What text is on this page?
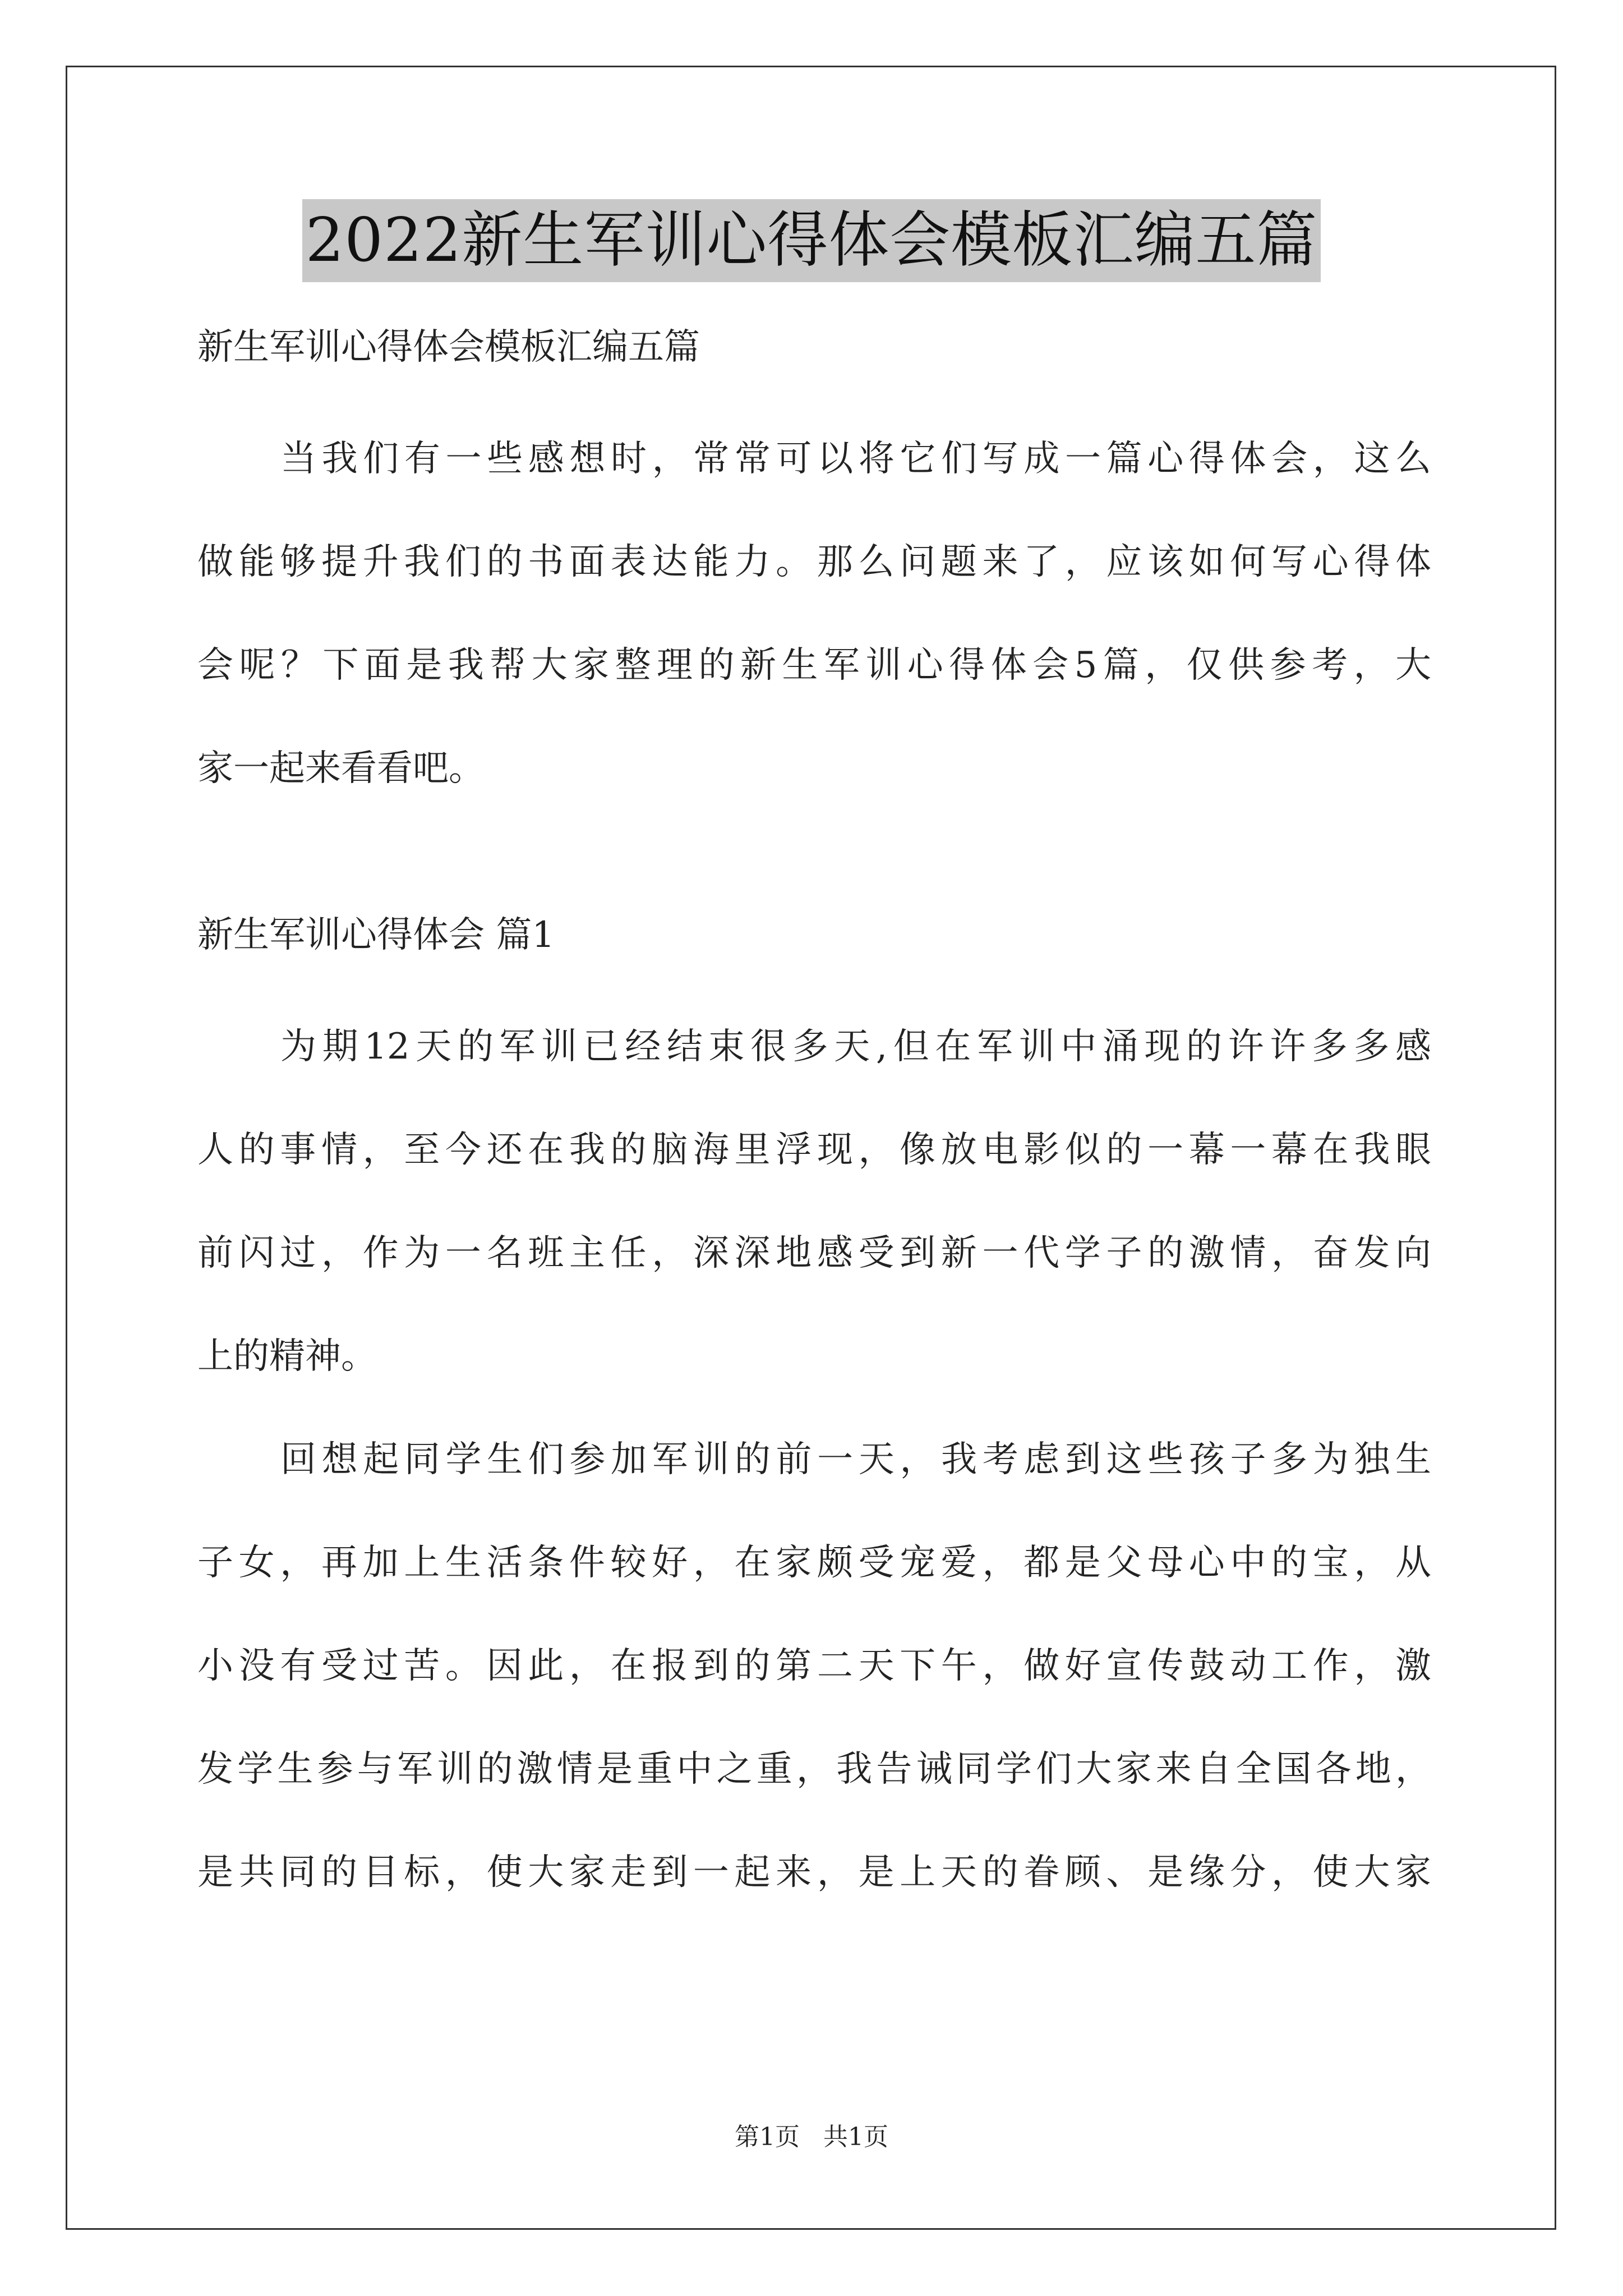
2022新生军训心得体会模板汇编五篇
新生军训心得体会模板汇编五篇
当我们有一些感想时，常常可以将它们写成一篇心得体会，这么
做能够提升我们的书面表达能力。那么问题来了，应该如何写心得体
会呢？下面是我帮大家整理的新生军训心得体会5篇，仅供参考，大
家一起来看看吧。
新生军训心得体会 篇1
为期12天的军训已经结束很多天,但在军训中涌现的许许多多感
人的事情，至今还在我的脑海里浮现，像放电影似的一幕一幕在我眼
前闪过，作为一名班主任，深深地感受到新一代学子的激情，奋发向
上的精神。
回想起同学生们参加军训的前一天，我考虑到这些孩子多为独生
子女，再加上生活条件较好，在家颇受宠爱，都是父母心中的宝，从
小没有受过苦。因此，在报到的第二天下午，做好宣传鼓动工作，激
发学生参与军训的激情是重中之重，我告诫同学们大家来自全国各地，
是共同的目标，使大家走到一起来，是上天的眷顾、是缘分，使大家
第1页   共1页
